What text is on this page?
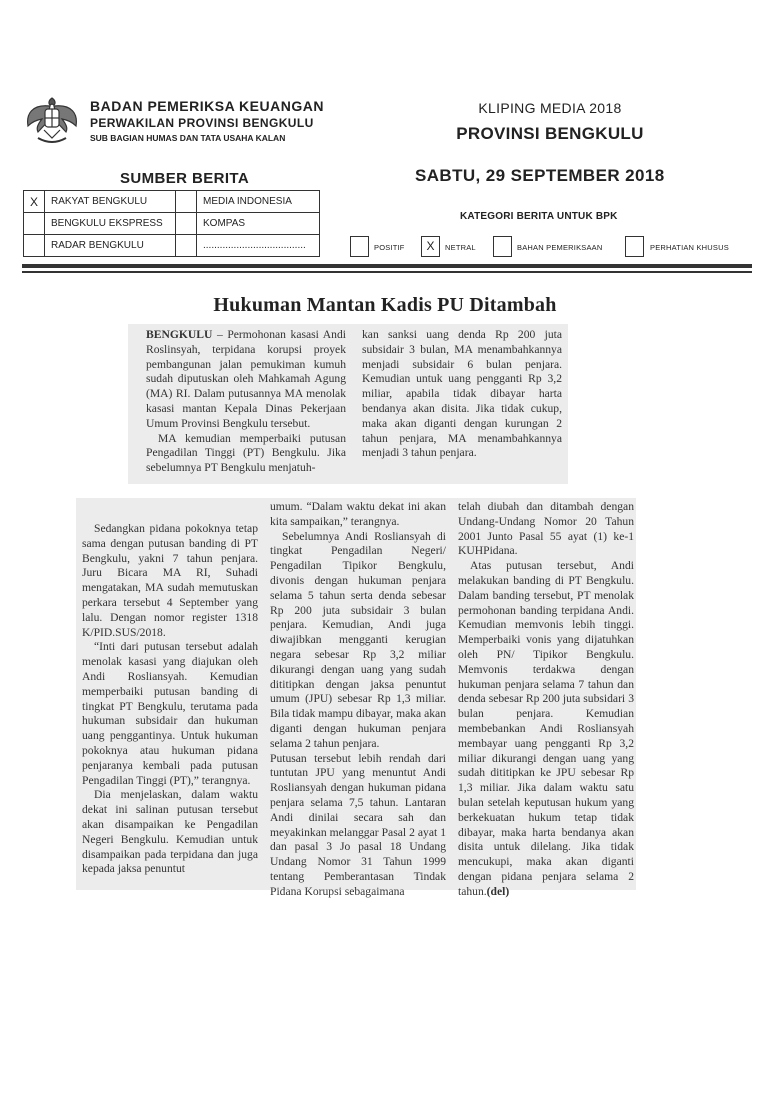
BADAN PEMERIKSA KEUANGAN
PERWAKILAN PROVINSI BENGKULU
SUB BAGIAN HUMAS DAN TATA USAHA KALAN
KLIPING MEDIA 2018
PROVINSI BENGKULU
SUMBER BERITA	SABTU, 29 SEPTEMBER 2018
X	RAKYAT BENGKULU		MEDIA INDONESIA
	BENGKULU EKSPRESS		KOMPAS
	RADAR BENGKULU		.....................................
KATEGORI BERITA UNTUK BPK
POSITIF	X	NETRAL	BAHAN PEMERIKSAAN	PERHATIAN KHUSUS
Hukuman Mantan Kadis PU Ditambah

BENGKULU – Permohonan kasasi Andi Roslinsyah, terpidana korupsi proyek pembangunan jalan pemukiman kumuh sudah diputuskan oleh Mahkamah Agung (MA) RI. Dalam putusannya MA menolak kasasi mantan Kepala Dinas Pekerjaan Umum Provinsi Bengkulu tersebut.

MA kemudian memperbaiki putusan Pengadilan Tinggi (PT) Bengkulu. Jika sebelumnya PT Bengkulu menjatuh-

kan sanksi uang denda Rp 200 juta subsidair 3 bulan, MA menambahkannya menjadi subsidair 6 bulan penjara. Kemudian untuk uang pengganti Rp 3,2 miliar, apabila tidak dibayar harta bendanya akan disita. Jika tidak cukup, maka akan diganti dengan kurungan 2 tahun penjara, MA menambahkannya menjadi 3 tahun penjara.

Sedangkan pidana pokoknya tetap sama dengan putusan banding di PT Bengkulu, yakni 7 tahun penjara. Juru Bicara MA RI, Suhadi mengatakan, MA sudah memutuskan perkara tersebut 4 September yang lalu. Dengan nomor register 1318 K/PID.SUS/2018.

“Inti dari putusan tersebut adalah menolak kasasi yang diajukan oleh Andi Rosliansyah. Kemudian memperbaiki putusan banding di tingkat PT Bengkulu, terutama pada hukuman subsidair dan hukuman uang penggantinya. Untuk hukuman pokoknya atau hukuman pidana penjaranya kembali pada putusan Pengadilan Tinggi (PT),” terangnya.

Dia menjelaskan, dalam waktu dekat ini salinan putusan tersebut akan disampaikan ke Pengadilan Negeri Bengkulu. Kemudian untuk disampaikan pada terpidana dan juga kepada jaksa penuntut

umum. “Dalam waktu dekat ini akan kita sampaikan,” terangnya.

Sebelumnya Andi Rosliansyah di tingkat Pengadilan Negeri/ Pengadilan Tipikor Bengkulu, divonis dengan hukuman penjara selama 5 tahun serta denda sebesar Rp 200 juta subsidair 3 bulan penjara. Kemudian, Andi juga diwajibkan mengganti kerugian negara sebesar Rp 3,2 miliar dikurangi dengan uang yang sudah dititipkan dengan jaksa penuntut umum (JPU) sebesar Rp 1,3 miliar. Bila tidak mampu dibayar, maka akan diganti dengan hukuman penjara selama 2 tahun penjara.

Putusan tersebut lebih rendah dari tuntutan JPU yang menuntut Andi Rosliansyah dengan hukuman pidana penjara selama 7,5 tahun. Lantaran Andi dinilai secara sah dan meyakinkan melanggar Pasal 2 ayat 1 dan pasal 3 Jo pasal 18 Undang Undang Nomor 31 Tahun 1999 tentang Pemberantasan Tindak Pidana Korupsi sebagaimana

telah diubah dan ditambah dengan Undang-Undang Nomor 20 Tahun 2001 Junto Pasal 55 ayat (1) ke-1 KUHPidana.

Atas putusan tersebut, Andi melakukan banding di PT Bengkulu. Dalam banding tersebut, PT menolak permohonan banding terpidana Andi. Kemudian memvonis lebih tinggi. Memperbaiki vonis yang dijatuhkan oleh PN/ Tipikor Bengkulu. Memvonis terdakwa dengan hukuman penjara selama 7 tahun dan denda sebesar Rp 200 juta subsidari 3 bulan penjara. Kemudian membebankan Andi Rosliansyah membayar uang pengganti Rp 3,2 miliar dikurangi dengan uang yang sudah dititipkan ke JPU sebesar Rp 1,3 miliar. Jika dalam waktu satu bulan setelah keputusan hukum yang berkekuatan hukum tetap tidak dibayar, maka harta bendanya akan disita untuk dilelang. Jika tidak mencukupi, maka akan diganti dengan pidana penjara selama 2 tahun.(del)
